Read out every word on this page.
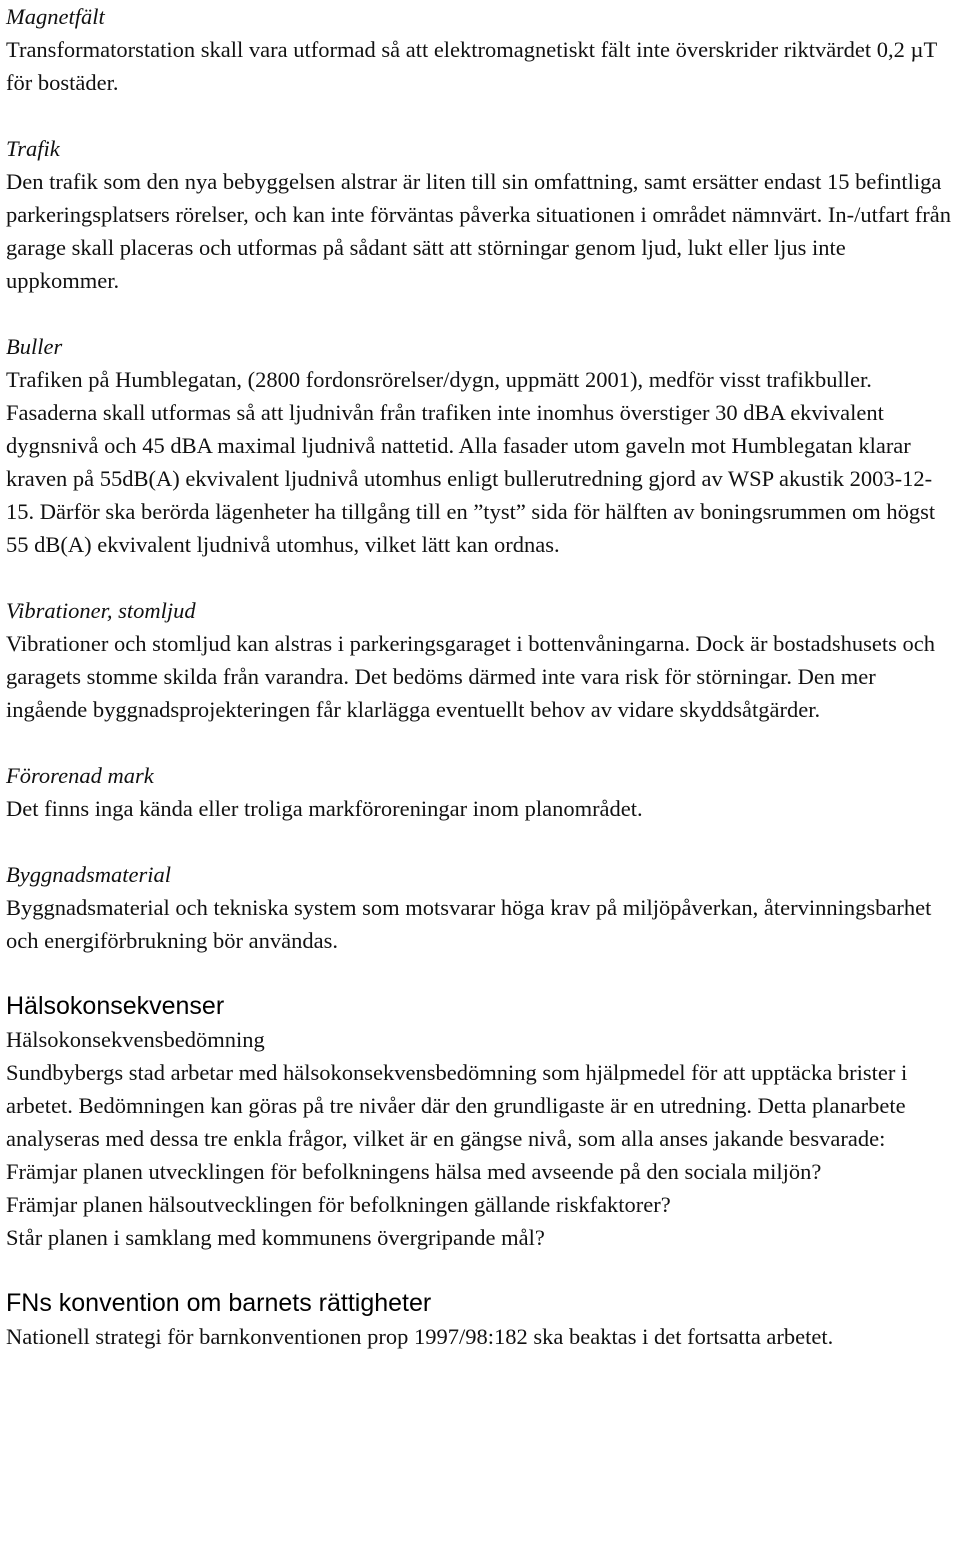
Magnetfält

Transformatorstation skall vara utformad så att elektromagnetiskt fält inte överskrider riktvärdet 0,2 µT för bostäder.

Trafik

Den trafik som den nya bebyggelsen alstrar är liten till sin omfattning, samt ersätter endast 15 befintliga parkeringsplatsers rörelser, och kan inte förväntas påverka situationen i området nämnvärt. In-/utfart från garage skall placeras och utformas på sådant sätt att störningar genom ljud, lukt eller ljus inte uppkommer.

Buller

Trafiken på Humblegatan, (2800 fordonsrörelser/dygn, uppmätt 2001), medför visst trafikbuller. Fasaderna skall utformas så att ljudnivån från trafiken inte inomhus överstiger 30 dBA ekvivalent dygnsnivå och 45 dBA maximal ljudnivå nattetid. Alla fasader utom gaveln mot Humblegatan klarar kraven på 55dB(A) ekvivalent ljudnivå utomhus enligt bullerutredning gjord av WSP akustik 2003-12-15. Därför ska berörda lägenheter ha tillgång till en ”tyst” sida för hälften av boningsrummen om högst 55 dB(A) ekvivalent ljudnivå utomhus, vilket lätt kan ordnas.

Vibrationer, stomljud

Vibrationer och stomljud kan alstras i parkeringsgaraget i bottenvåningarna. Dock är bostadshusets och garagets stomme skilda från varandra. Det bedöms därmed inte vara risk för störningar. Den mer ingående byggnadsprojekteringen får klarlägga eventuellt behov av vidare skyddsåtgärder.

Förorenad mark

Det finns inga kända eller troliga markföroreningar inom planområdet.

Byggnadsmaterial

Byggnadsmaterial och tekniska system som motsvarar höga krav på miljöpåverkan, återvinningsbarhet och energiförbrukning bör användas.

Hälsokonsekvenser

Hälsokonsekvensbedömning

Sundbybergs stad arbetar med hälsokonsekvensbedömning som hjälpmedel för att upptäcka brister i arbetet. Bedömningen kan göras på tre nivåer där den grundligaste är en utredning. Detta planarbete analyseras med dessa tre enkla frågor, vilket är en gängse nivå, som alla anses jakande besvarade:

Främjar planen utvecklingen för befolkningens hälsa med avseende på den sociala miljön?

Främjar planen hälsoutvecklingen för befolkningen gällande riskfaktorer?

Står planen i samklang med kommunens övergripande mål?

FNs konvention om barnets rättigheter

Nationell strategi för barnkonventionen prop 1997/98:182 ska beaktas i det fortsatta arbetet.
